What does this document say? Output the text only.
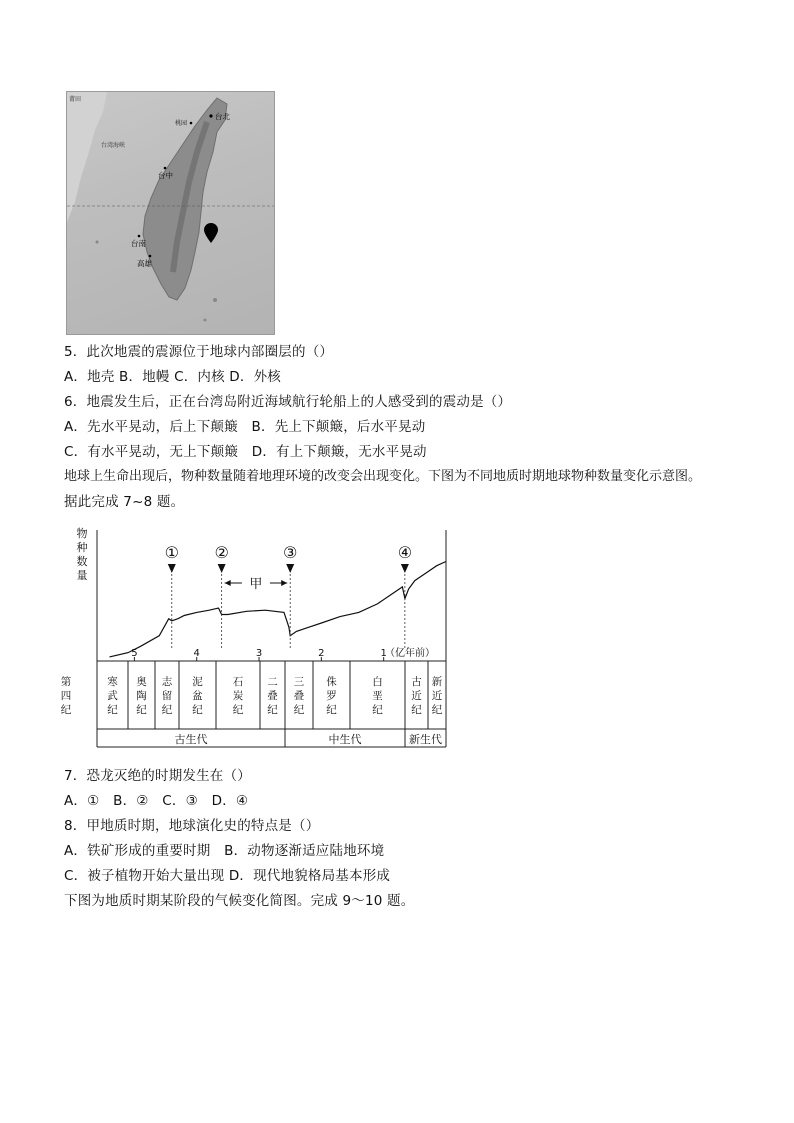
莆田
台湾海峡
桃园
台北
台中
台南
高雄
5．此次地震的震源位于地球内部圈层的（）
A．地壳 B．地幔 C．内核 D．外核
6．地震发生后，正在台湾岛附近海域航行轮船上的人感受到的震动是（）
A．先水平晃动，后上下颠簸　B．先上下颠簸，后水平晃动
C．有水平晃动，无上下颠簸　D．有上下颠簸，无水平晃动
地球上生命出现后，物种数量随着地理环境的改变会出现变化。下图为不同地质时期地球物种数量变化示意图。
据此完成 7~8 题。
物
种
数
量
5	4	3	2	1
（亿年前）
① ②	③	④
甲
寒
武
纪
奥
陶
纪
志
留
纪
泥
盆
纪
石
炭
纪
二
叠
纪
三
叠
纪
侏
罗
纪
白
垩
纪
古
近
纪
新
近
纪
第
四
纪
古生代	中生代	新生代
7．恐龙灭绝的时期发生在（）
A．①　B．②　C．③　D．④
8．甲地质时期，地球演化史的特点是（）
A．铁矿形成的重要时期　B．动物逐渐适应陆地环境
C．被子植物开始大量出现 D．现代地貌格局基本形成
下图为地质时期某阶段的气候变化简图。完成 9～10 题。
